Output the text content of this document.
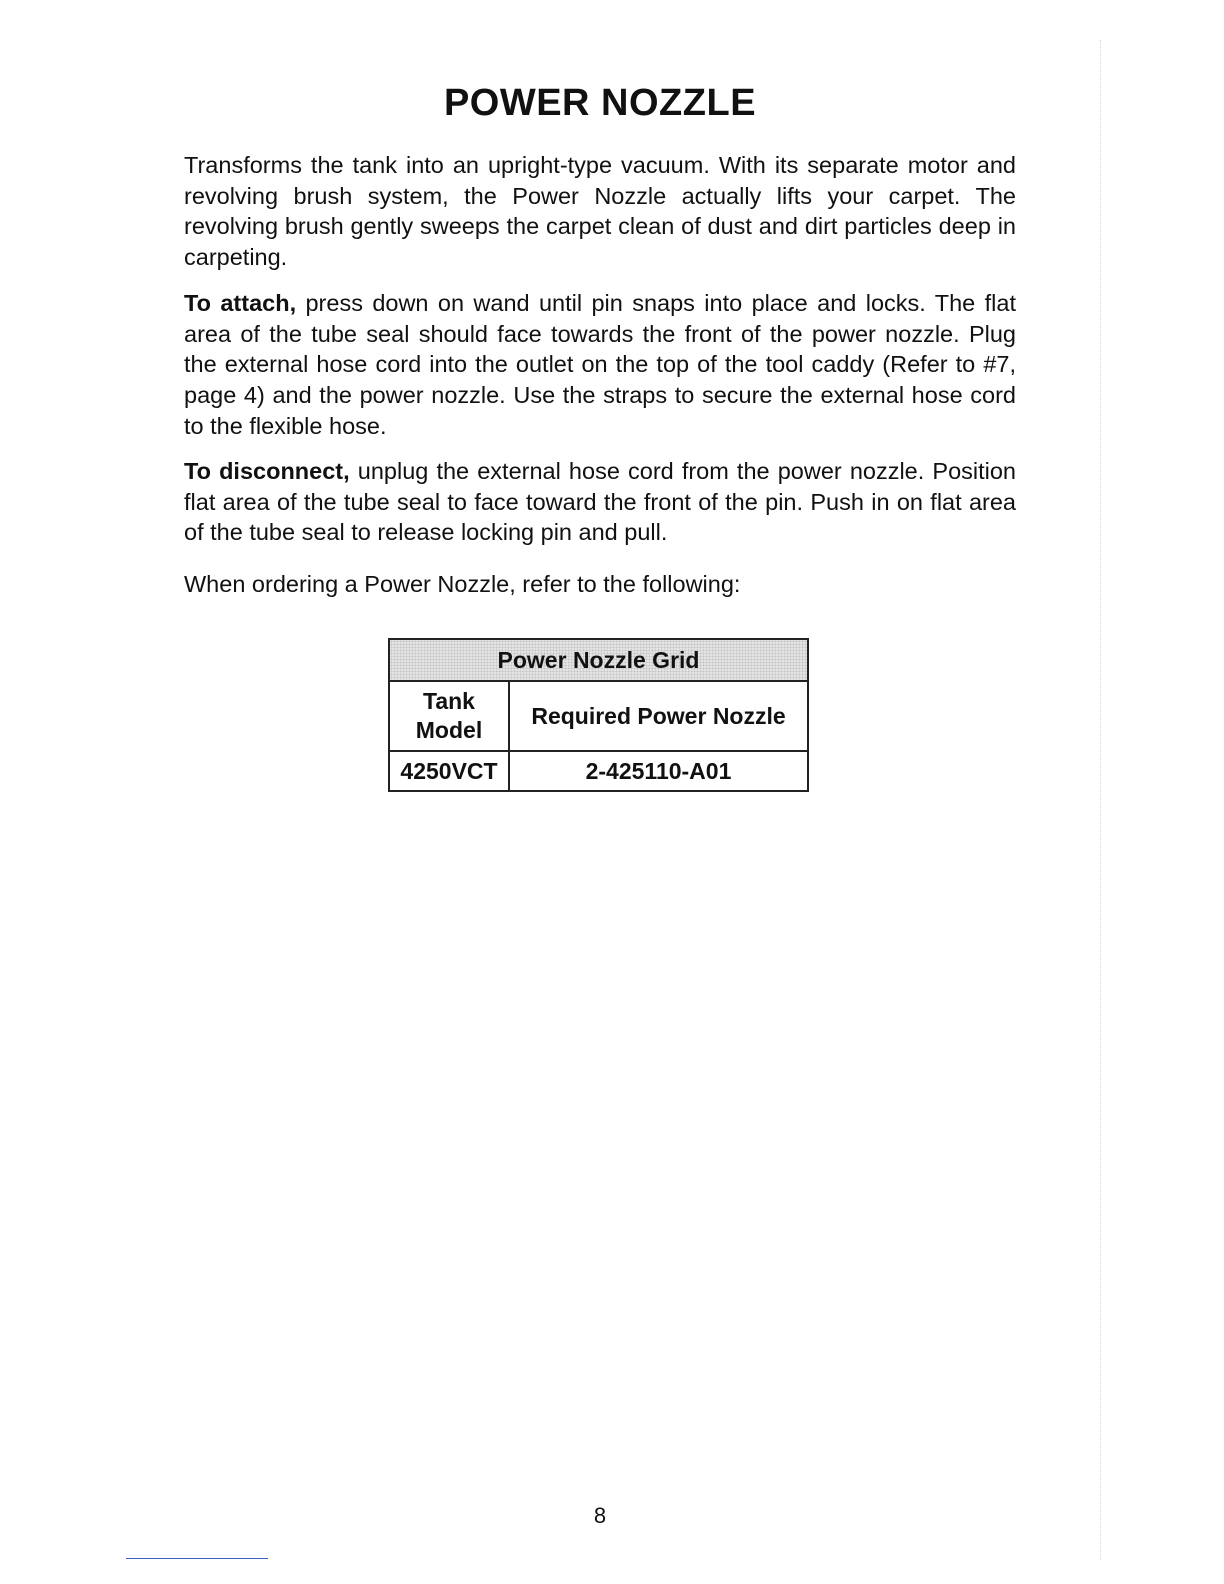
POWER NOZZLE

Transforms the tank into an upright-type vacuum. With its separate motor and revolving brush system, the Power Nozzle actually lifts your carpet. The revolving brush gently sweeps the carpet clean of dust and dirt particles deep in carpeting.

To attach, press down on wand until pin snaps into place and locks. The flat area of the tube seal should face towards the front of the power nozzle. Plug the external hose cord into the outlet on the top of the tool caddy (Refer to #7, page 4) and the power nozzle. Use the straps to secure the external hose cord to the flexible hose.

To disconnect, unplug the external hose cord from the power nozzle. Position flat area of the tube seal to face toward the front of the pin. Push in on flat area of the tube seal to release locking pin and pull.

When ordering a Power Nozzle, refer to the following:

Power Nozzle Grid	
Tank
Model	Required Power Nozzle
4250VCT	2-425110-A01
8
